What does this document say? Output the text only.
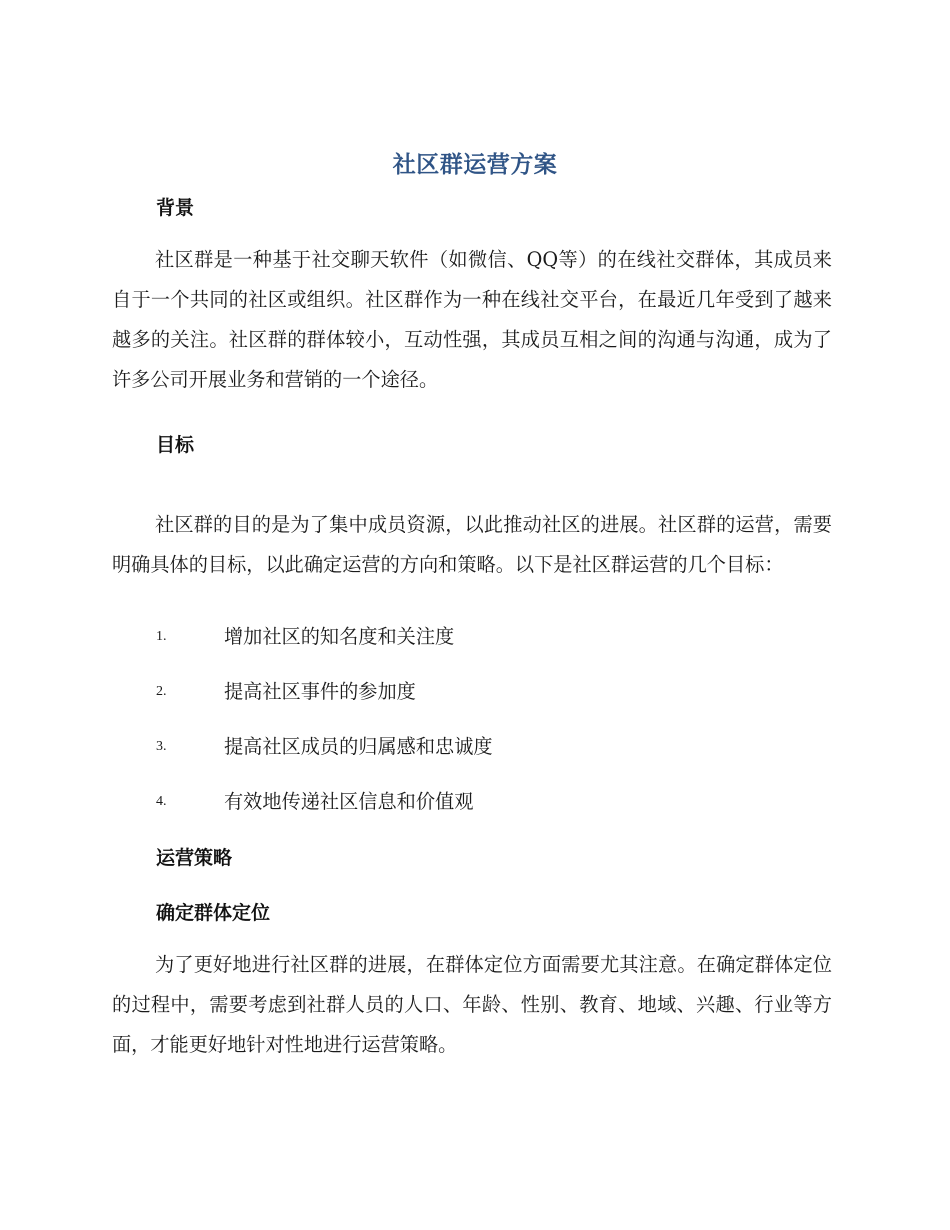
社区群运营方案
背景
社区群是一种基于社交聊天软件（如微信、QQ等）的在线社交群体，其成员来自于一个共同的社区或组织。社区群作为一种在线社交平台，在最近几年受到了越来越多的关注。社区群的群体较小，互动性强，其成员互相之间的沟通与沟通，成为了许多公司开展业务和营销的一个途径。
目标
社区群的目的是为了集中成员资源，以此推动社区的进展。社区群的运营，需要明确具体的目标，以此确定运营的方向和策略。以下是社区群运营的几个目标：
1.	增加社区的知名度和关注度
2.	提高社区事件的参加度
3.	提高社区成员的归属感和忠诚度
4.	有效地传递社区信息和价值观
运营策略
确定群体定位
为了更好地进行社区群的进展，在群体定位方面需要尤其注意。在确定群体定位的过程中，需要考虑到社群人员的人口、年龄、性别、教育、地域、兴趣、行业等方面，才能更好地针对性地进行运营策略。
